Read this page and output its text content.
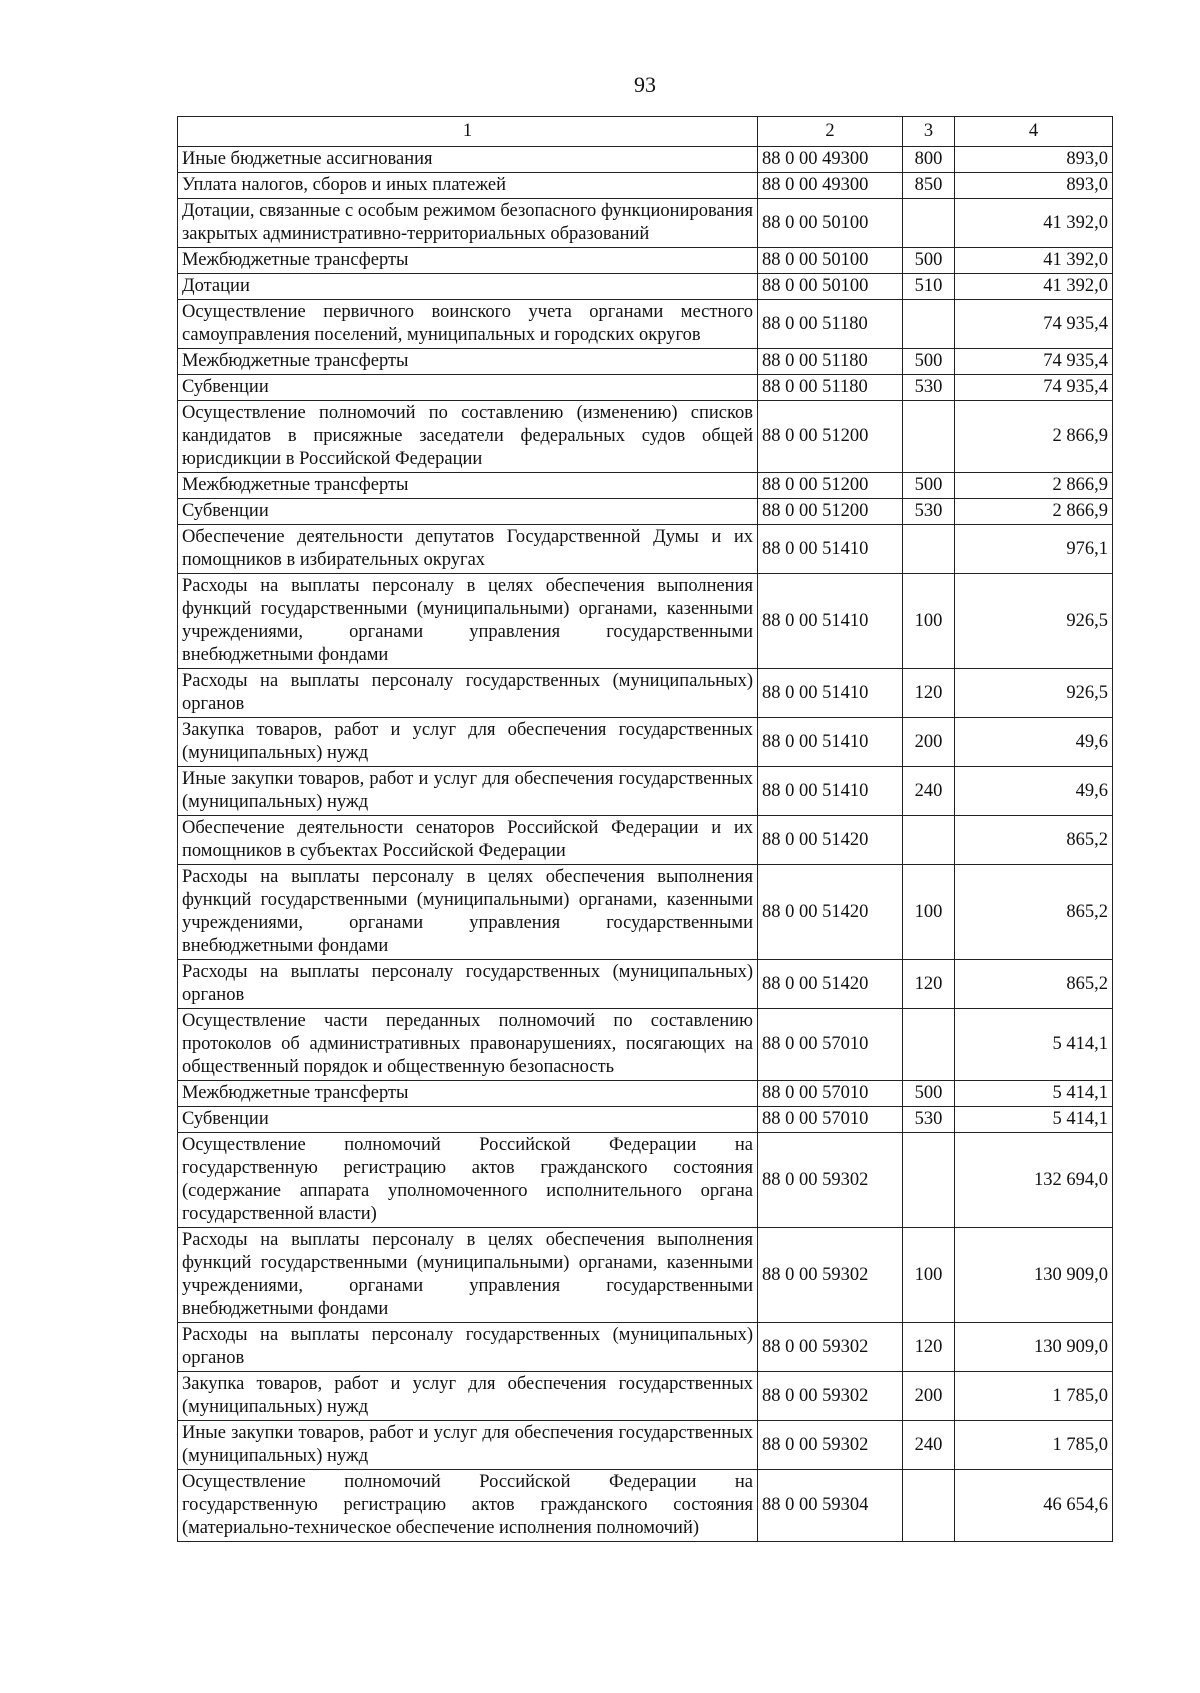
93
1	2	3	4
Иные бюджетные ассигнования	88 0 00 49300	800	893,0
Уплата налогов, сборов и иных платежей	88 0 00 49300	850	893,0
Дотации, связанные с особым режимом безопасного функционирования закрытых административно-территориальных образований	88 0 00 50100		41 392,0
Межбюджетные трансферты	88 0 00 50100	500	41 392,0
Дотации	88 0 00 50100	510	41 392,0
Осуществление первичного воинского учета органами местного самоуправления поселений, муниципальных и городских округов	88 0 00 51180		74 935,4
Межбюджетные трансферты	88 0 00 51180	500	74 935,4
Субвенции	88 0 00 51180	530	74 935,4
Осуществление полномочий по составлению (изменению) списков кандидатов в присяжные заседатели федеральных судов общей юрисдикции в Российской Федерации	88 0 00 51200		2 866,9
Межбюджетные трансферты	88 0 00 51200	500	2 866,9
Субвенции	88 0 00 51200	530	2 866,9
Обеспечение деятельности депутатов Государственной Думы и их помощников в избирательных округах	88 0 00 51410		976,1
Расходы на выплаты персоналу в целях обеспечения выполнения функций государственными (муниципальными) органами, казенными учреждениями, органами управления государственными внебюджетными фондами	88 0 00 51410	100	926,5
Расходы на выплаты персоналу государственных (муниципальных) органов	88 0 00 51410	120	926,5
Закупка товаров, работ и услуг для обеспечения государственных (муниципальных) нужд	88 0 00 51410	200	49,6
Иные закупки товаров, работ и услуг для обеспечения государственных (муниципальных) нужд	88 0 00 51410	240	49,6
Обеспечение деятельности сенаторов Российской Федерации и их помощников в субъектах Российской Федерации	88 0 00 51420		865,2
Расходы на выплаты персоналу в целях обеспечения выполнения функций государственными (муниципальными) органами, казенными учреждениями, органами управления государственными внебюджетными фондами	88 0 00 51420	100	865,2
Расходы на выплаты персоналу государственных (муниципальных) органов	88 0 00 51420	120	865,2
Осуществление части переданных полномочий по составлению протоколов об административных правонарушениях, посягающих на общественный порядок и общественную безопасность	88 0 00 57010		5 414,1
Межбюджетные трансферты	88 0 00 57010	500	5 414,1
Субвенции	88 0 00 57010	530	5 414,1
Осуществление полномочий Российской Федерации на государственную регистрацию актов гражданского состояния (содержание аппарата уполномоченного исполнительного органа государственной власти)	88 0 00 59302		132 694,0
Расходы на выплаты персоналу в целях обеспечения выполнения функций государственными (муниципальными) органами, казенными учреждениями, органами управления государственными внебюджетными фондами	88 0 00 59302	100	130 909,0
Расходы на выплаты персоналу государственных (муниципальных) органов	88 0 00 59302	120	130 909,0
Закупка товаров, работ и услуг для обеспечения государственных (муниципальных) нужд	88 0 00 59302	200	1 785,0
Иные закупки товаров, работ и услуг для обеспечения государственных (муниципальных) нужд	88 0 00 59302	240	1 785,0
Осуществление полномочий Российской Федерации на государственную регистрацию актов гражданского состояния (материально-техническое обеспечение исполнения полномочий)	88 0 00 59304		46 654,6
